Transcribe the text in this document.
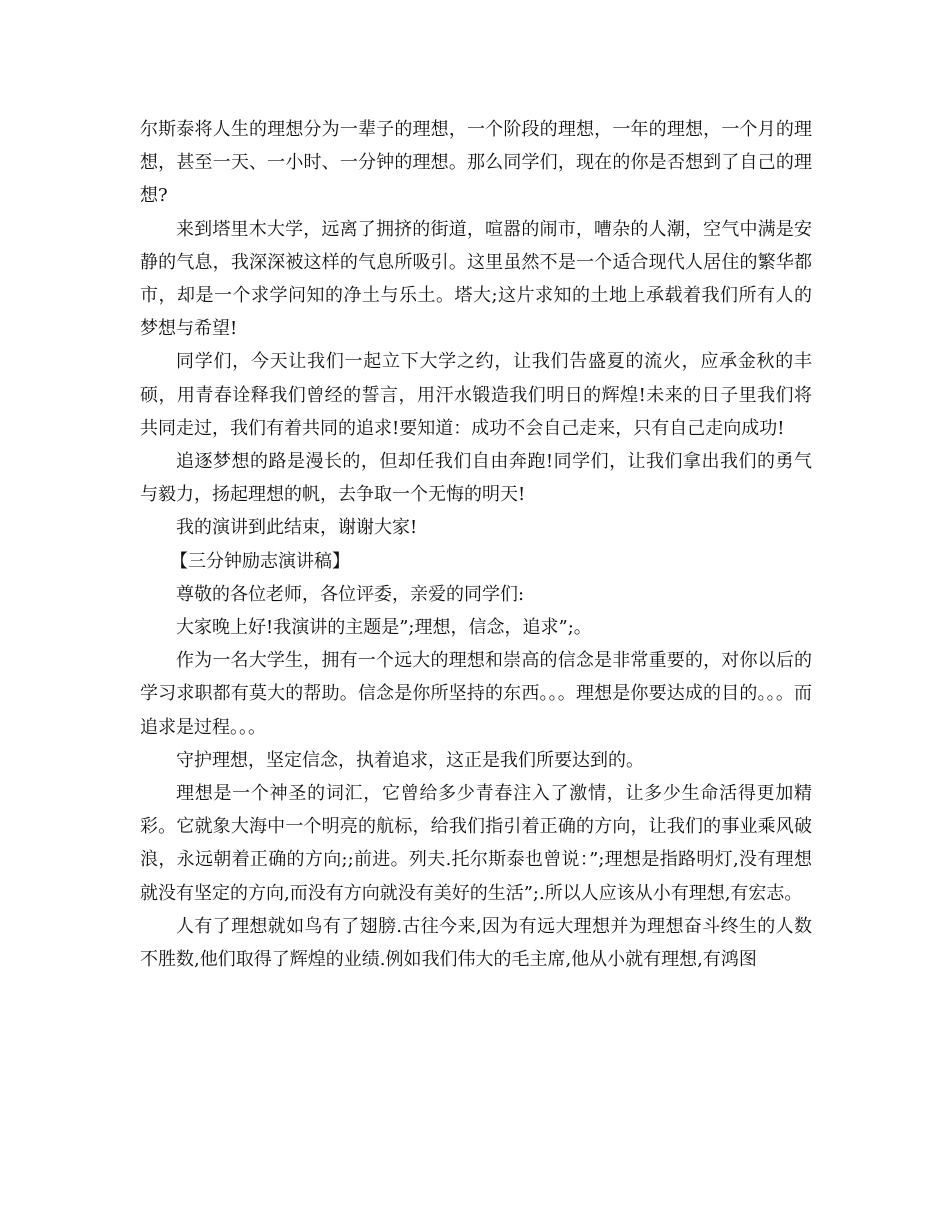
尔斯泰将人生的理想分为一辈子的理想，一个阶段的理想，一年的理想，一个月的理想，甚至一天、一小时、一分钟的理想。那么同学们，现在的你是否想到了自己的理想?

来到塔里木大学，远离了拥挤的街道，喧嚣的闹市，嘈杂的人潮，空气中满是安静的气息，我深深被这样的气息所吸引。这里虽然不是一个适合现代人居住的繁华都市，却是一个求学问知的净土与乐土。塔大;这片求知的土地上承载着我们所有人的梦想与希望!

同学们，今天让我们一起立下大学之约，让我们告盛夏的流火，应承金秋的丰硕，用青春诠释我们曾经的誓言，用汗水锻造我们明日的辉煌!未来的日子里我们将共同走过，我们有着共同的追求!要知道：成功不会自己走来，只有自己走向成功!

追逐梦想的路是漫长的，但却任我们自由奔跑!同学们，让我们拿出我们的勇气与毅力，扬起理想的帆，去争取一个无悔的明天!

我的演讲到此结束，谢谢大家!

【三分钟励志演讲稿】

尊敬的各位老师，各位评委，亲爱的同学们:

大家晚上好!我演讲的主题是”;理想，信念，追求”;。

作为一名大学生，拥有一个远大的理想和崇高的信念是非常重要的，对你以后的学习求职都有莫大的帮助。信念是你所坚持的东西。。。理想是你要达成的目的。。。而追求是过程。。。

守护理想，坚定信念，执着追求，这正是我们所要达到的。

理想是一个神圣的词汇，它曾给多少青春注入了激情，让多少生命活得更加精彩。它就象大海中一个明亮的航标，给我们指引着正确的方向，让我们的事业乘风破浪，永远朝着正确的方向;;前进。列夫.托尔斯泰也曾说：”;理想是指路明灯,没有理想就没有坚定的方向,而没有方向就没有美好的生活”;.所以人应该从小有理想,有宏志。

人有了理想就如鸟有了翅膀.古往今来,因为有远大理想并为理想奋斗终生的人数不胜数,他们取得了辉煌的业绩.例如我们伟大的毛主席,他从小就有理想,有鸿图
